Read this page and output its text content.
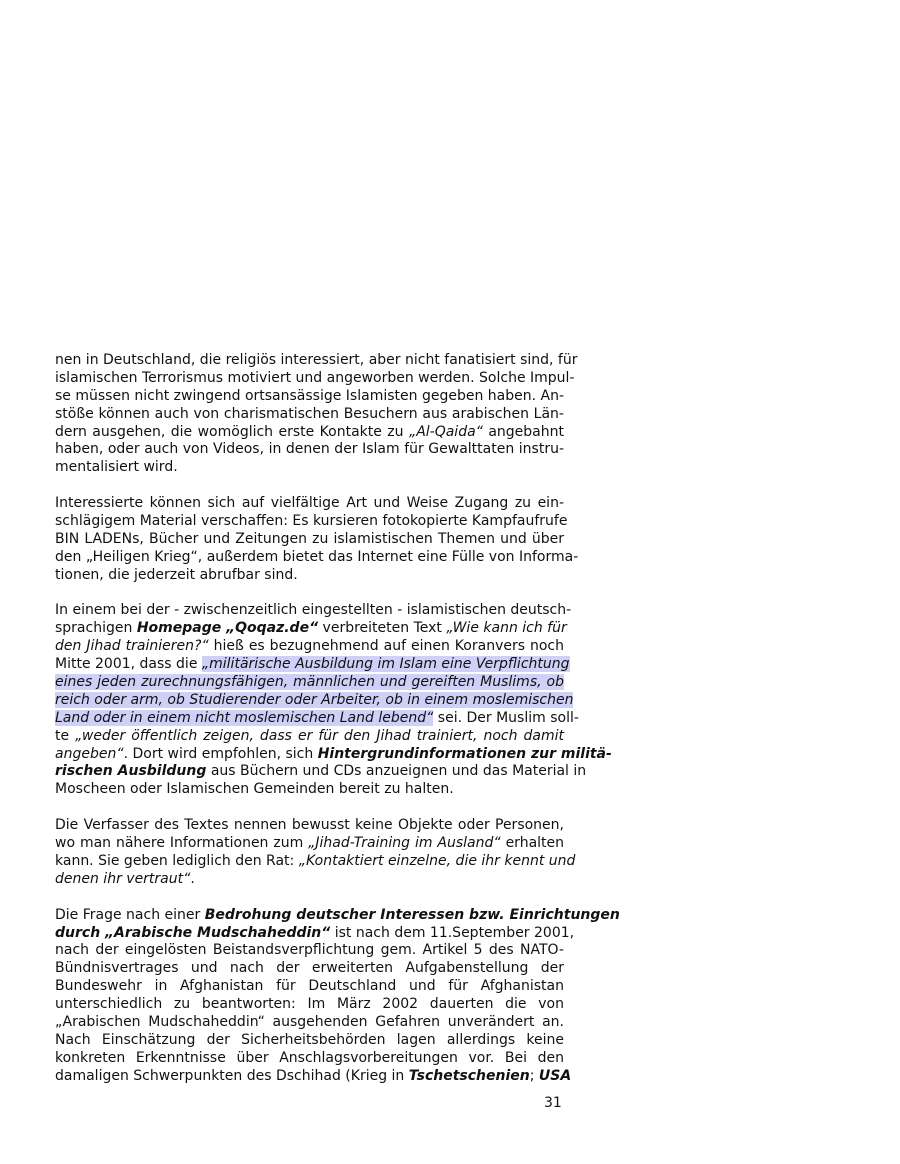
nen in Deutschland, die religiös interessiert, aber nicht fanatisiert sind, für
islamischen Terrorismus motiviert und angeworben werden. Solche Impul-
se müssen nicht zwingend ortsansässige Islamisten gegeben haben. An-
stöße können auch von charismatischen Besuchern aus arabischen Län-
dern ausgehen, die womöglich erste Kontakte zu „Al-Qaida“ angebahnt
haben, oder auch von Videos, in denen der Islam für Gewalttaten instru-
mentalisiert wird.
Interessierte können sich auf vielfältige Art und Weise Zugang zu ein-
schlägigem Material verschaffen: Es kursieren fotokopierte Kampfaufrufe
BIN LADENs, Bücher und Zeitungen zu islamistischen Themen und über
den „Heiligen Krieg“, außerdem bietet das Internet eine Fülle von Informa-
tionen, die jederzeit abrufbar sind.
In einem bei der - zwischenzeitlich eingestellten - islamistischen deutsch-
sprachigen Homepage „Qoqaz.de“ verbreiteten Text „Wie kann ich für
den Jihad trainieren?“ hieß es bezugnehmend auf einen Koranvers noch
Mitte 2001, dass die „militärische Ausbildung im Islam eine Verpflichtung
eines jeden zurechnungsfähigen, männlichen und gereiften Muslims, ob
reich oder arm, ob Studierender oder Arbeiter, ob in einem moslemischen
Land oder in einem nicht moslemischen Land lebend“ sei. Der Muslim soll-
te „weder öffentlich zeigen, dass er für den Jihad trainiert, noch damit
angeben“. Dort wird empfohlen, sich Hintergrundinformationen zur militä-
rischen Ausbildung aus Büchern und CDs anzueignen und das Material in
Moscheen oder Islamischen Gemeinden bereit zu halten.
Die Verfasser des Textes nennen bewusst keine Objekte oder Personen,
wo man nähere Informationen zum „Jihad-Training im Ausland“ erhalten
kann. Sie geben lediglich den Rat: „Kontaktiert einzelne, die ihr kennt und
denen ihr vertraut“.
Die Frage nach einer Bedrohung deutscher Interessen bzw. Einrichtungen
durch „Arabische Mudschaheddin“ ist nach dem 11.September 2001,
nach der eingelösten Beistandsverpflichtung gem. Artikel 5 des NATO-
Bündnisvertrages und nach der erweiterten Aufgabenstellung der
Bundeswehr in Afghanistan für Deutschland und für Afghanistan
unterschiedlich zu beantworten: Im März 2002 dauerten die von
„Arabischen Mudschaheddin“ ausgehenden Gefahren unverändert an.
Nach Einschätzung der Sicherheitsbehörden lagen allerdings keine
konkreten Erkenntnisse über Anschlagsvorbereitungen vor. Bei den
damaligen Schwerpunkten des Dschihad (Krieg in Tschetschenien; USA
31
